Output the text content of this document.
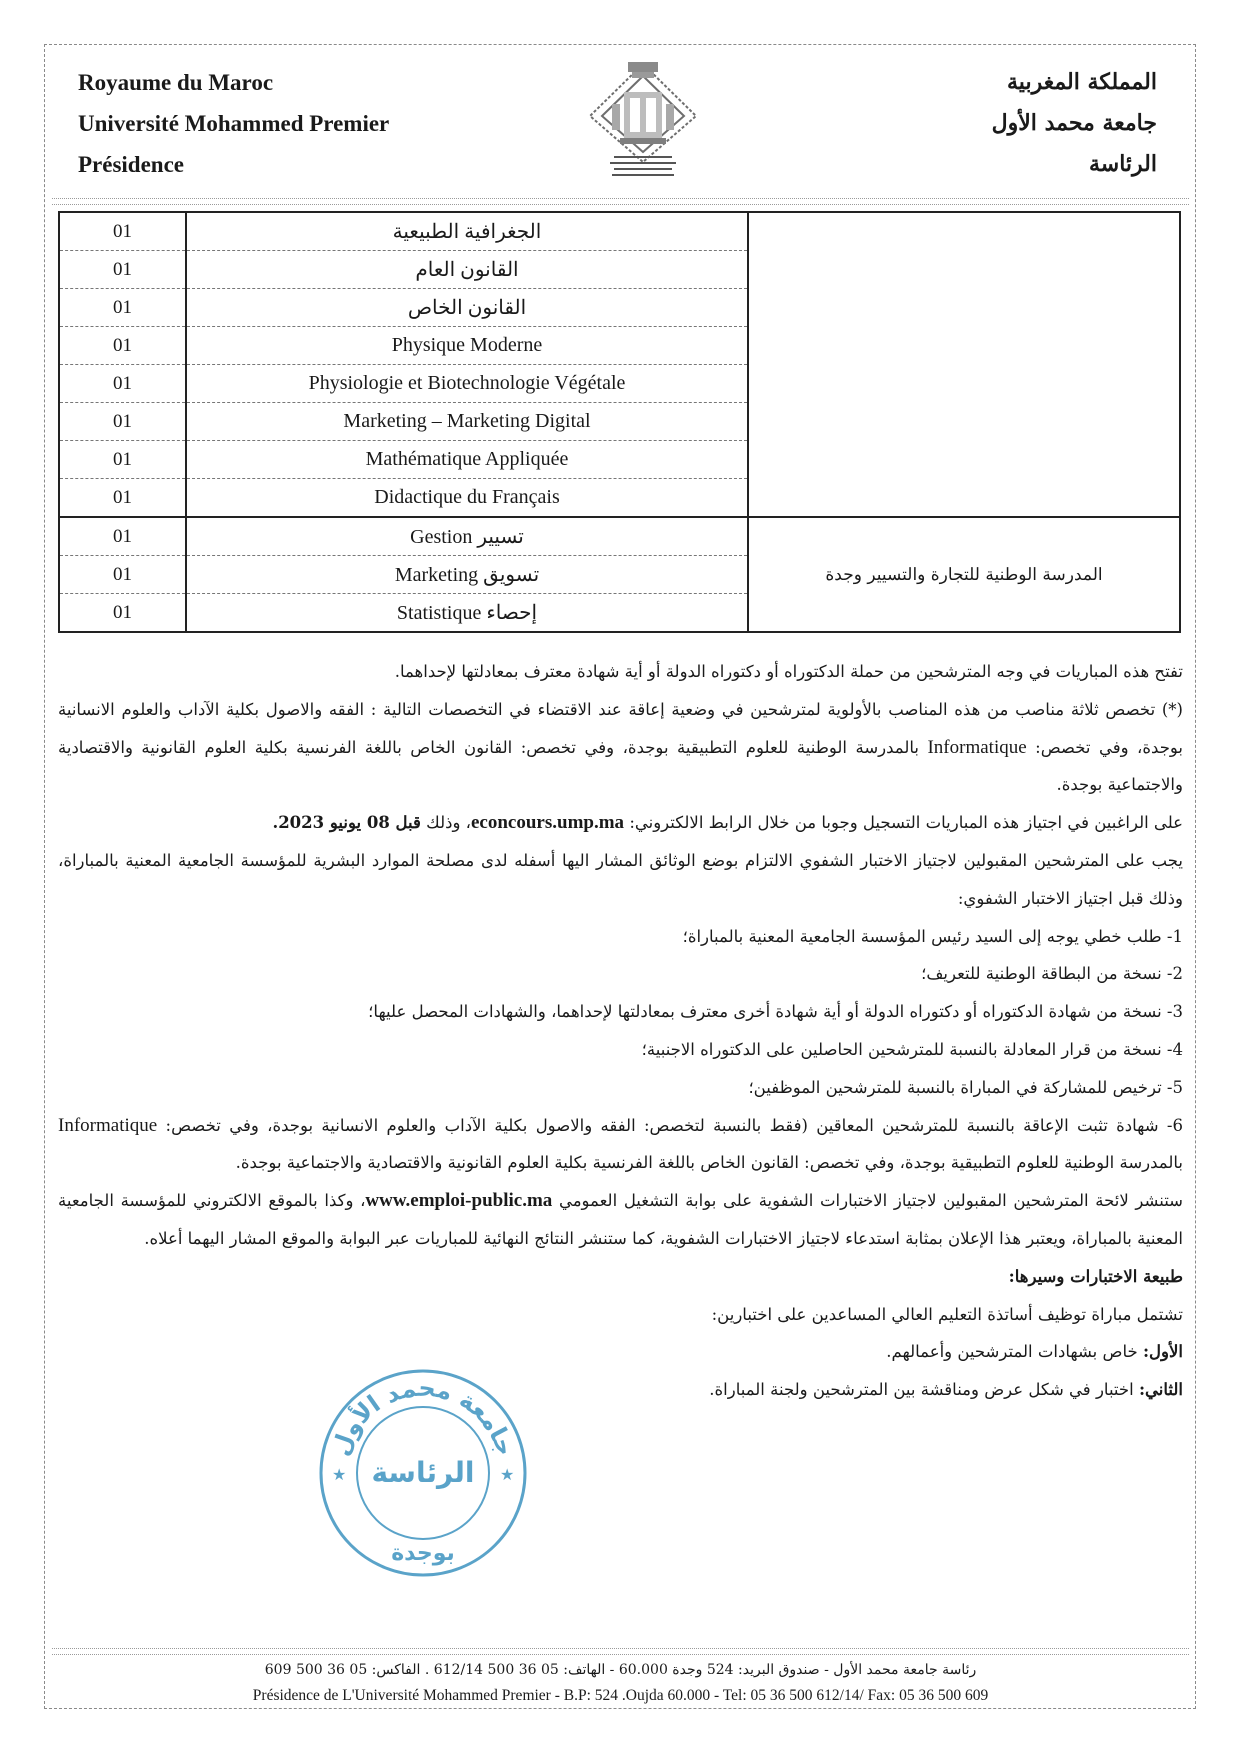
Royaume du Maroc
Université Mohammed Premier
Présidence
المملكة المغربية
جامعة محمد الأول
الرئاسة
01	الجغرافية الطبيعية	
01	القانون العام	
01	القانون الخاص	
01	Physique Moderne	
01	Physiologie et Biotechnologie Végétale	
01	Marketing – Marketing Digital	
01	Mathématique Appliquée	
01	Didactique du Français	
01	Gestion تسيير	المدرسة الوطنية للتجارة والتسيير وجدة
01	Marketing تسويق	
01	Statistique إحصاء	

تفتح هذه المباريات في وجه المترشحين من حملة الدكتوراه أو دكتوراه الدولة أو أية شهادة معترف بمعادلتها لإحداهما.

(*) تخصص ثلاثة مناصب من هذه المناصب بالأولوية لمترشحين في وضعية إعاقة عند الاقتضاء في التخصصات التالية : الفقه والاصول بكلية الآداب والعلوم الانسانية بوجدة، وفي تخصص: Informatique بالمدرسة الوطنية للعلوم التطبيقية بوجدة، وفي تخصص: القانون الخاص باللغة الفرنسية بكلية العلوم القانونية والاقتصادية والاجتماعية بوجدة.

على الراغبين في اجتياز هذه المباريات التسجيل وجوبا من خلال الرابط الالكتروني: econcours.ump.ma، وذلك قبل 08 يونيو 2023.

يجب على المترشحين المقبولين لاجتياز الاختبار الشفوي الالتزام بوضع الوثائق المشار اليها أسفله لدى مصلحة الموارد البشرية للمؤسسة الجامعية المعنية بالمباراة، وذلك قبل اجتياز الاختبار الشفوي:

1- طلب خطي يوجه إلى السيد رئيس المؤسسة الجامعية المعنية بالمباراة؛

2- نسخة من البطاقة الوطنية للتعريف؛

3- نسخة من شهادة الدكتوراه أو دكتوراه الدولة أو أية شهادة أخرى معترف بمعادلتها لإحداهما، والشهادات المحصل عليها؛

4- نسخة من قرار المعادلة بالنسبة للمترشحين الحاصلين على الدكتوراه الاجنبية؛

5- ترخيص للمشاركة في المباراة بالنسبة للمترشحين الموظفين؛

6- شهادة تثبت الإعاقة بالنسبة للمترشحين المعاقين (فقط بالنسبة لتخصص: الفقه والاصول بكلية الآداب والعلوم الانسانية بوجدة، وفي تخصص: Informatique بالمدرسة الوطنية للعلوم التطبيقية بوجدة، وفي تخصص: القانون الخاص باللغة الفرنسية بكلية العلوم القانونية والاقتصادية والاجتماعية بوجدة.

ستنشر لائحة المترشحين المقبولين لاجتياز الاختبارات الشفوية على بوابة التشغيل العمومي www.emploi-public.ma، وكذا بالموقع الالكتروني للمؤسسة الجامعية المعنية بالمباراة، ويعتبر هذا الإعلان بمثابة استدعاء لاجتياز الاختبارات الشفوية، كما ستنشر النتائج النهائية للمباريات عبر البوابة والموقع المشار اليهما أعلاه.

طبيعة الاختبارات وسيرها:

تشتمل مباراة توظيف أساتذة التعليم العالي المساعدين على اختبارين:

الأول: خاص بشهادات المترشحين وأعمالهم.

الثاني: اختبار في شكل عرض ومناقشة بين المترشحين ولجنة المباراة.

جامعة محمد الأول
الرئاسة
بوجدة
★	★
رئاسة جامعة محمد الأول - صندوق البريد: 524 وجدة 60.000 - الهاتف: 05 36 500 612/14 . الفاكس: 05 36 500 609
Présidence de L'Université Mohammed Premier - B.P: 524 .Oujda 60.000 - Tel: 05 36 500 612/14/ Fax: 05 36 500 609
